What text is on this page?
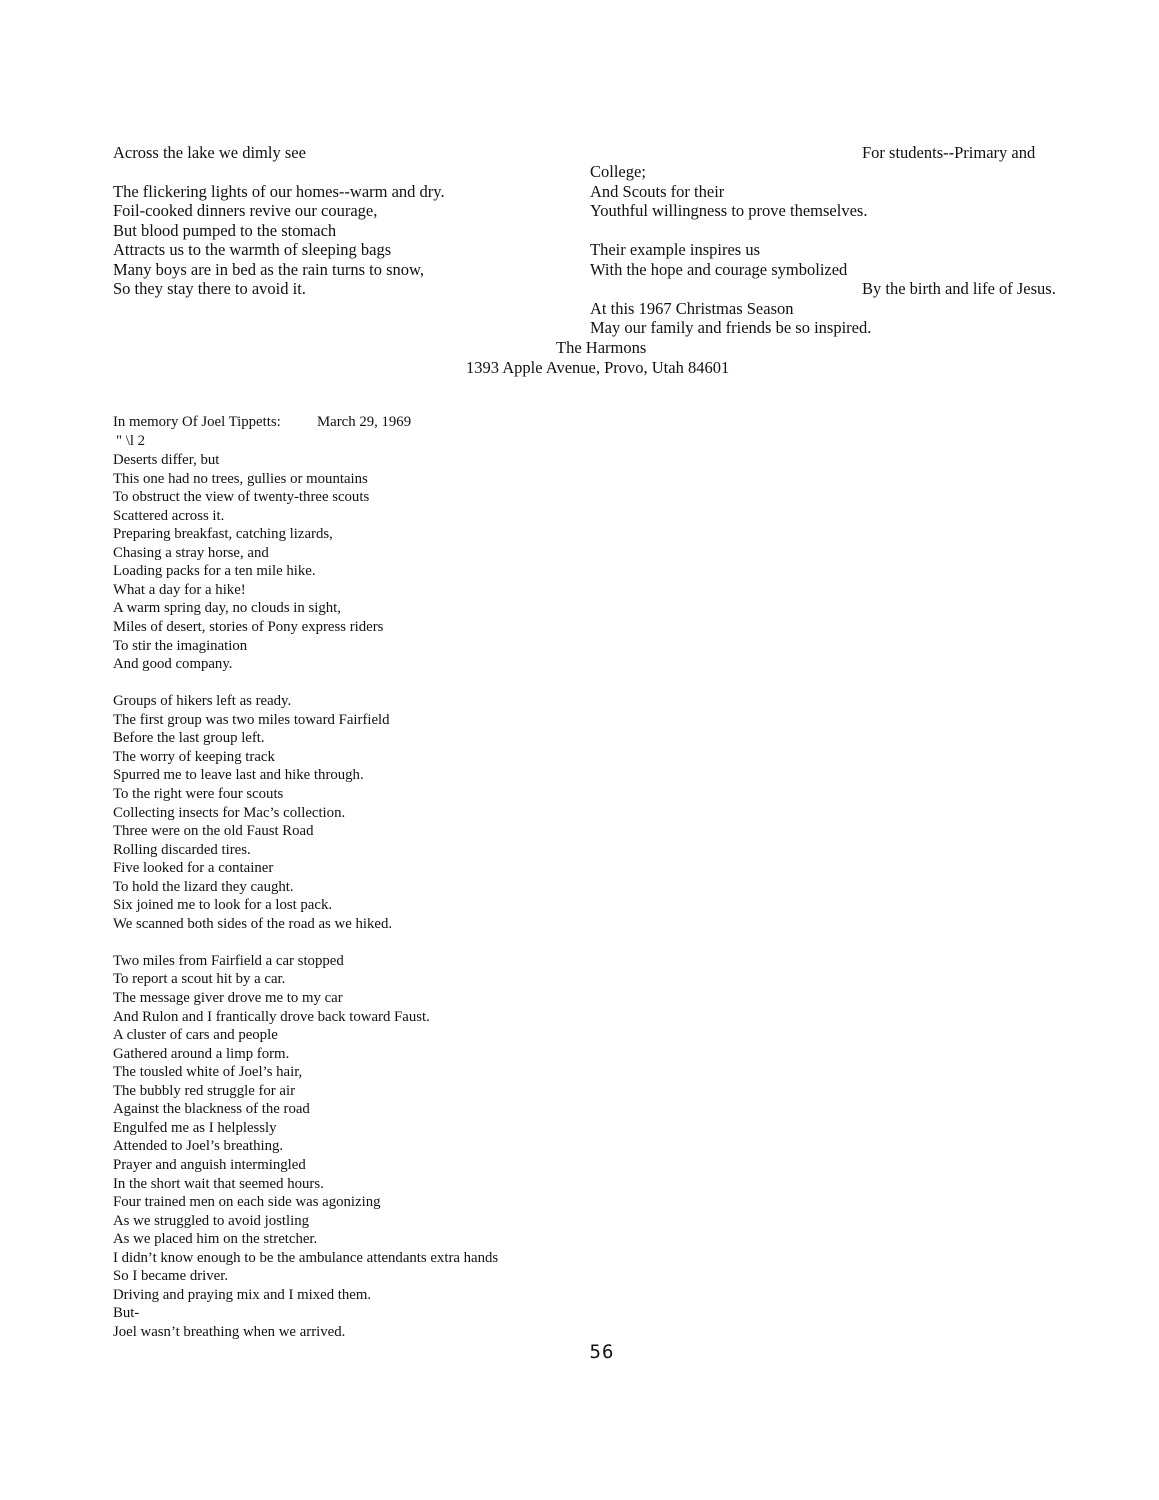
Across the lake we dimly see
The flickering lights of our homes--warm and dry.
Foil-cooked dinners revive our courage,
But blood pumped to the stomach
Attracts us to the warmth of sleeping bags
Many boys are in bed as the rain turns to snow,
So they stay there to avoid it.
For students--Primary and
College;
And Scouts for their
Youthful willingness to prove themselves.
Their example inspires us
With the hope and courage symbolized
By the birth and life of Jesus.
At this 1967 Christmas Season
May our family and friends be so inspired.
The Harmons
1393 Apple Avenue, Provo, Utah 84601
In memory Of Joel Tippetts: March 29, 1969
" \l 2
Deserts differ, but
This one had no trees, gullies or mountains
To obstruct the view of twenty-three scouts
Scattered across it.
Preparing breakfast, catching lizards,
Chasing a stray horse, and
Loading packs for a ten mile hike.
What a day for a hike!
A warm spring day, no clouds in sight,
Miles of desert, stories of Pony express riders
To stir the imagination
And good company.
Groups of hikers left as ready.
The first group was two miles toward Fairfield
Before the last group left.
The worry of keeping track
Spurred me to leave last and hike through.
To the right were four scouts
Collecting insects for Mac’s collection.
Three were on the old Faust Road
Rolling discarded tires.
Five looked for a container
To hold the lizard they caught.
Six joined me to look for a lost pack.
We scanned both sides of the road as we hiked.
Two miles from Fairfield a car stopped
To report a scout hit by a car.
The message giver drove me to my car
And Rulon and I frantically drove back toward Faust.
A cluster of cars and people
Gathered around a limp form.
The tousled white of Joel’s hair,
The bubbly red struggle for air
Against the blackness of the road
Engulfed me as I helplessly
Attended to Joel’s breathing.
Prayer and anguish intermingled
In the short wait that seemed hours.
Four trained men on each side was agonizing
As we struggled to avoid jostling
As we placed him on the stretcher.
I didn’t know enough to be the ambulance attendants extra hands
So I became driver.
Driving and praying mix and I mixed them.
But-
Joel wasn’t breathing when we arrived.
56
